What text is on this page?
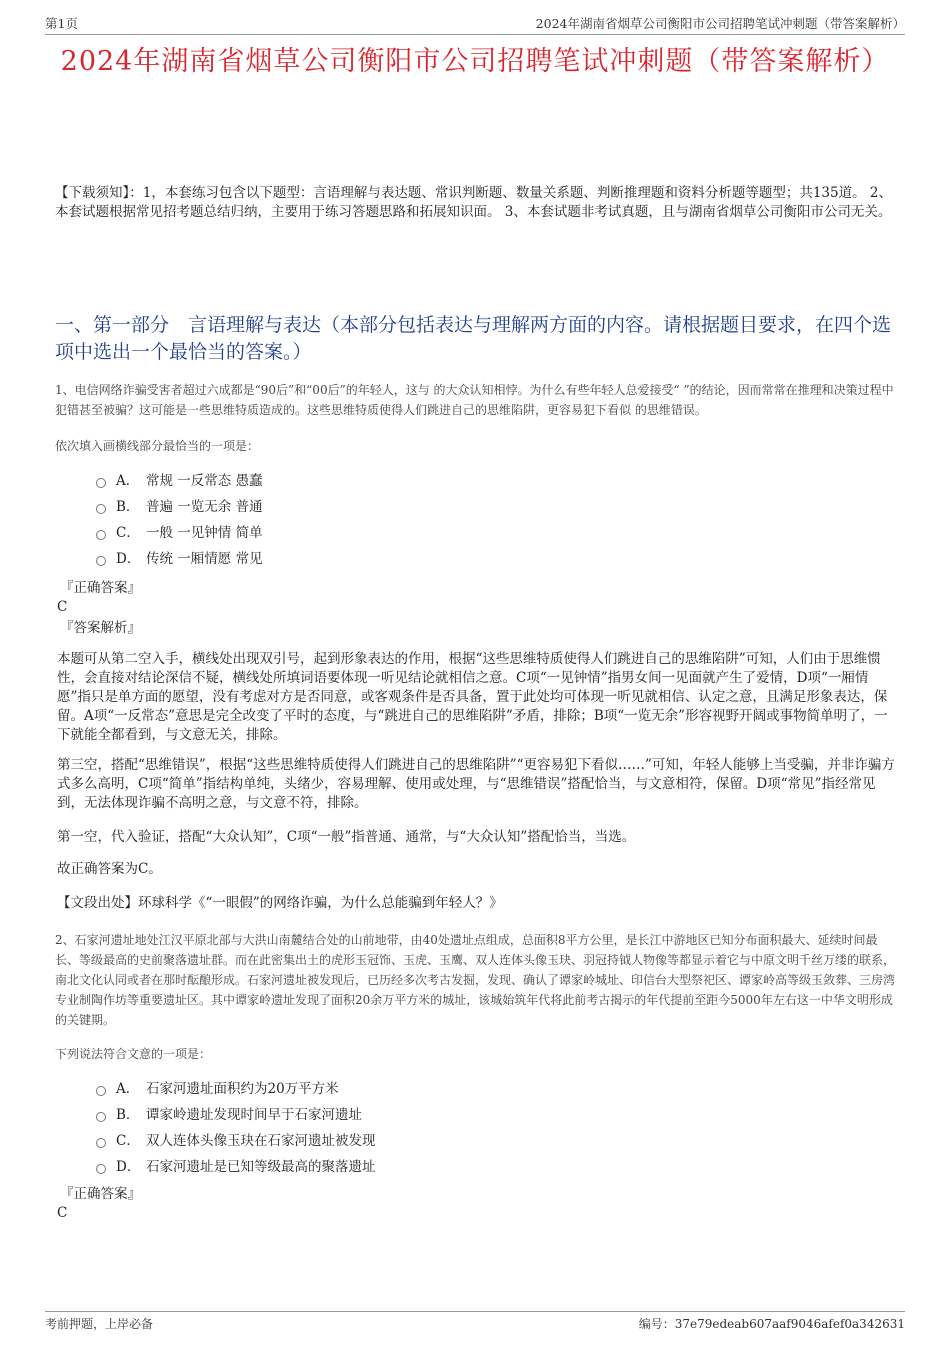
第1页	2024年湖南省烟草公司衡阳市公司招聘笔试冲刺题（带答案解析）
2024年湖南省烟草公司衡阳市公司招聘笔试冲刺题（带答案解析）
【下载须知】：1，本套练习包含以下题型：言语理解与表达题、常识判断题、数量关系题、判断推理题和资料分析题等题型；共135道。 2、本套试题根据常见招考题总结归纳，主要用于练习答题思路和拓展知识面。 3、本套试题非考试真题，且与湖南省烟草公司衡阳市公司无关。
一、第一部分　言语理解与表达（本部分包括表达与理解两方面的内容。请根据题目要求，在四个选项中选出一个最恰当的答案。）
1、电信网络诈骗受害者超过六成都是“90后”和“00后”的年轻人，这与 的大众认知相悖。为什么有些年轻人总爱接受“ ”的结论，因而常常在推理和决策过程中犯错甚至被骗？这可能是一些思维特质造成的。这些思维特质使得人们跳进自己的思维陷阱，更容易犯下看似 的思维错误。
依次填入画横线部分最恰当的一项是：
A． 常规 一反常态 愚蠢
B． 普遍 一览无余 普通
C． 一般 一见钟情 简单
D． 传统 一厢情愿 常见
『正确答案』
C
『答案解析』

本题可从第二空入手，横线处出现双引号，起到形象表达的作用，根据“这些思维特质使得人们跳进自己的思维陷阱”可知，人们由于思维惯性，会直接对结论深信不疑，横线处所填词语要体现一听见结论就相信之意。C项“一见钟情”指男女间一见面就产生了爱情，D项“一厢情愿”指只是单方面的愿望，没有考虑对方是否同意，或客观条件是否具备，置于此处均可体现一听见就相信、认定之意，且满足形象表达，保留。A项“一反常态”意思是完全改变了平时的态度，与“跳进自己的思维陷阱”矛盾，排除；B项“一览无余”形容视野开阔或事物简单明了，一下就能全都看到，与文意无关，排除。

第三空，搭配“思维错误”，根据“这些思维特质使得人们跳进自己的思维陷阱”“更容易犯下看似……”可知，年轻人能够上当受骗，并非诈骗方式多么高明，C项“简单”指结构单纯，头绪少，容易理解、使用或处理，与“思维错误”搭配恰当，与文意相符，保留。D项“常见”指经常见到，无法体现诈骗不高明之意，与文意不符，排除。

第一空，代入验证，搭配“大众认知”，C项“一般”指普通、通常，与“大众认知”搭配恰当，当选。

故正确答案为C。

【文段出处】环球科学《“一眼假”的网络诈骗，为什么总能骗到年轻人？》

2、石家河遗址地处江汉平原北部与大洪山南麓结合处的山前地带，由40处遗址点组成，总面积8平方公里，是长江中游地区已知分布面积最大、延续时间最长、等级最高的史前聚落遗址群。而在此密集出土的虎形玉冠饰、玉虎、玉鹰、双人连体头像玉玦、羽冠持钺人物像等都显示着它与中原文明千丝万缕的联系，南北文化认同或者在那时酝酿形成。石家河遗址被发现后，已历经多次考古发掘，发现、确认了谭家岭城址、印信台大型祭祀区、谭家岭高等级玉敛葬、三房湾专业制陶作坊等重要遗址区。其中谭家岭遗址发现了面积20余万平方米的城址，该城始筑年代将此前考古揭示的年代提前至距今5000年左右这一中华文明形成的关键期。
下列说法符合文意的一项是：
A． 石家河遗址面积约为20万平方米
B． 谭家岭遗址发现时间早于石家河遗址
C． 双人连体头像玉玦在石家河遗址被发现
D． 石家河遗址是已知等级最高的聚落遗址
『正确答案』
C
考前押题，上岸必备	编号：37e79edeab607aaf9046afef0a342631
